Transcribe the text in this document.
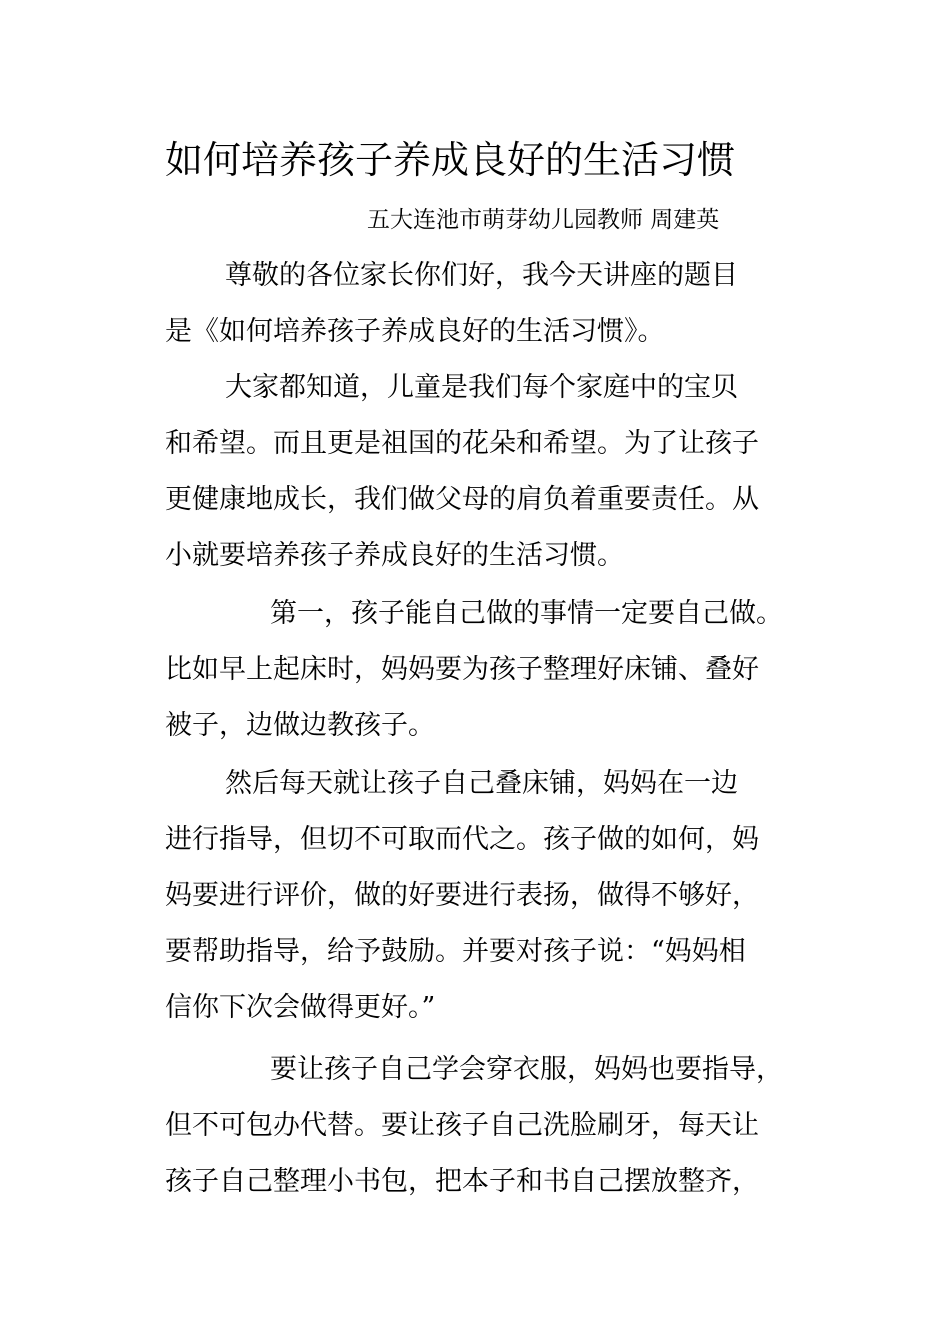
如何培养孩子养成良好的生活习惯
五大连池市萌芽幼儿园教师 周建英
尊敬的各位家长你们好，我今天讲座的题目
是《如何培养孩子养成良好的生活习惯》。
大家都知道，儿童是我们每个家庭中的宝贝
和希望。而且更是祖国的花朵和希望。为了让孩子
更健康地成长，我们做父母的肩负着重要责任。从
小就要培养孩子养成良好的生活习惯。
第一，孩子能自己做的事情一定要自己做。
比如早上起床时，妈妈要为孩子整理好床铺、叠好
被子，边做边教孩子。
然后每天就让孩子自己叠床铺，妈妈在一边
进行指导，但切不可取而代之。孩子做的如何，妈
妈要进行评价，做的好要进行表扬，做得不够好，
要帮助指导，给予鼓励。并要对孩子说：“妈妈相
信你下次会做得更好。”
要让孩子自己学会穿衣服，妈妈也要指导，
但不可包办代替。要让孩子自己洗脸刷牙，每天让
孩子自己整理小书包，把本子和书自己摆放整齐，
